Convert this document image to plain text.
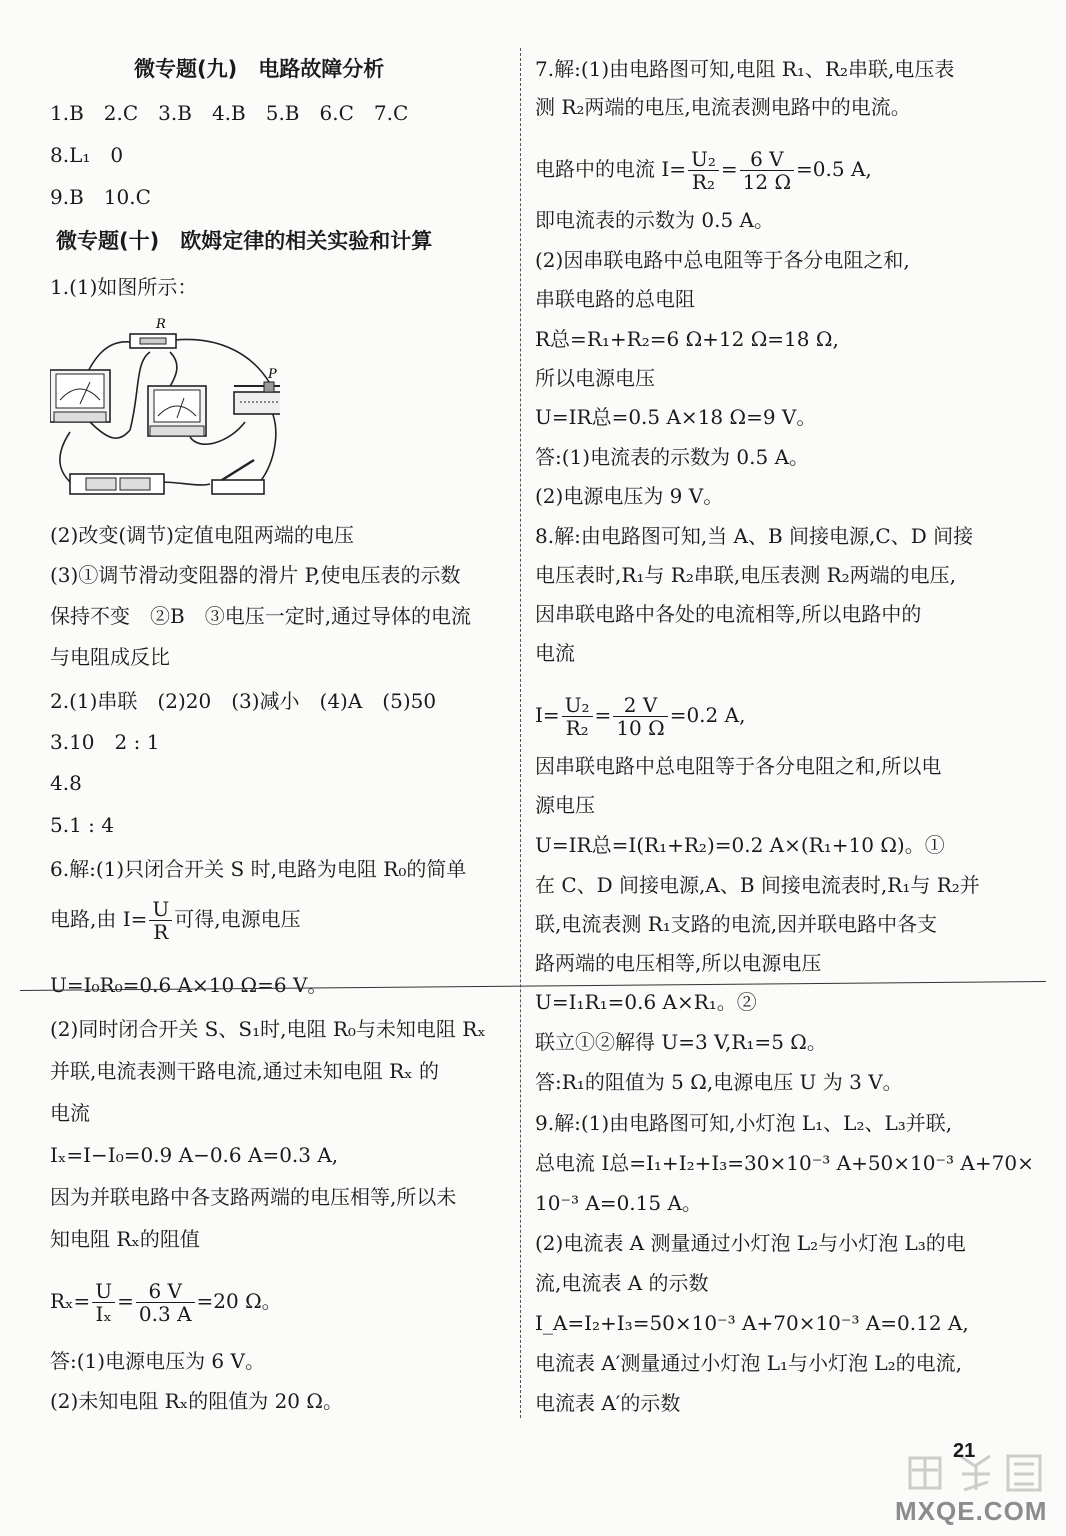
微专题(九)　电路故障分析
1.B　2.C　3.B　4.B　5.B　6.C　7.C
8.L₁　0
9.B　10.C
微专题(十)　欧姆定律的相关实验和计算
1.(1)如图所示：
(2)改变(调节)定值电阻两端的电压
(3)①调节滑动变阻器的滑片 P,使电压表的示数
保持不变　②B　③电压一定时,通过导体的电流
与电阻成反比
2.(1)串联　(2)20　(3)减小　(4)A　(5)50
3.10　2 : 1
4.8
5.1 : 4
6.解:(1)只闭合开关 S 时,电路为电阻 R₀的简单
电路,由 $I= \frac{U}{R}$ 可得,电源电压
U=I₀R₀=0.6 A×10 Ω=6 V。
(2)同时闭合开关 S、S₁时,电阻 R₀与未知电阻 Rₓ
并联,电流表测干路电流,通过未知电阻 Rₓ 的
电流
Iₓ=I−I₀=0.9 A−0.6 A=0.3 A,
因为并联电路中各支路两端的电压相等,所以未
知电阻 Rₓ的阻值
$R_x= \frac{U}{\text{Iₓ}} = \frac{6 V}{0.3 A} =20$ Ω。
答:(1)电源电压为 6 V。
(2)未知电阻 Rₓ的阻值为 20 Ω。
R
P
7.解:(1)由电路图可知,电阻 R₁、R₂串联,电压表
测 R₂两端的电压,电流表测电路中的电流。
电路中的电流 $I= \frac{\text{U₂}}{\text{R₂}} = \frac{6 V}{12 \Omega} =0.5$ A,
即电流表的示数为 0.5 A。
(2)因串联电路中总电阻等于各分电阻之和,
串联电路的总电阻
R总=R₁+R₂=6 Ω+12 Ω=18 Ω,
所以电源电压
U=IR总=0.5 A×18 Ω=9 V。
答:(1)电流表的示数为 0.5 A。
(2)电源电压为 9 V。
8.解:由电路图可知,当 A、B 间接电源,C、D 间接
电压表时,R₁与 R₂串联,电压表测 R₂两端的电压,
因串联电路中各处的电流相等,所以电路中的
电流
$I= \frac{\text{U₂}}{\text{R₂}} = \frac{2 V}{10 \Omega} =0.2$ A,
因串联电路中总电阻等于各分电阻之和,所以电
源电压
U=IR总=I(R₁+R₂)=0.2 A×(R₁+10 Ω)。①
在 C、D 间接电源,A、B 间接电流表时,R₁与 R₂并
联,电流表测 R₁支路的电流,因并联电路中各支
路两端的电压相等,所以电源电压
U=I₁R₁=0.6 A×R₁。②
联立①②解得 U=3 V,R₁=5 Ω。
答:R₁的阻值为 5 Ω,电源电压 U 为 3 V。
9.解:(1)由电路图可知,小灯泡 L₁、L₂、L₃并联,
总电流 I总=I₁+I₂+I₃=30×10⁻³ A+50×10⁻³ A+70×
10⁻³ A=0.15 A。
(2)电流表 A 测量通过小灯泡 L₂与小灯泡 L₃的电
流,电流表 A 的示数
I_A=I₂+I₃=50×10⁻³ A+70×10⁻³ A=0.12 A,
电流表 A′测量通过小灯泡 L₁与小灯泡 L₂的电流,
电流表 A′的示数
MXQE.COM
21
